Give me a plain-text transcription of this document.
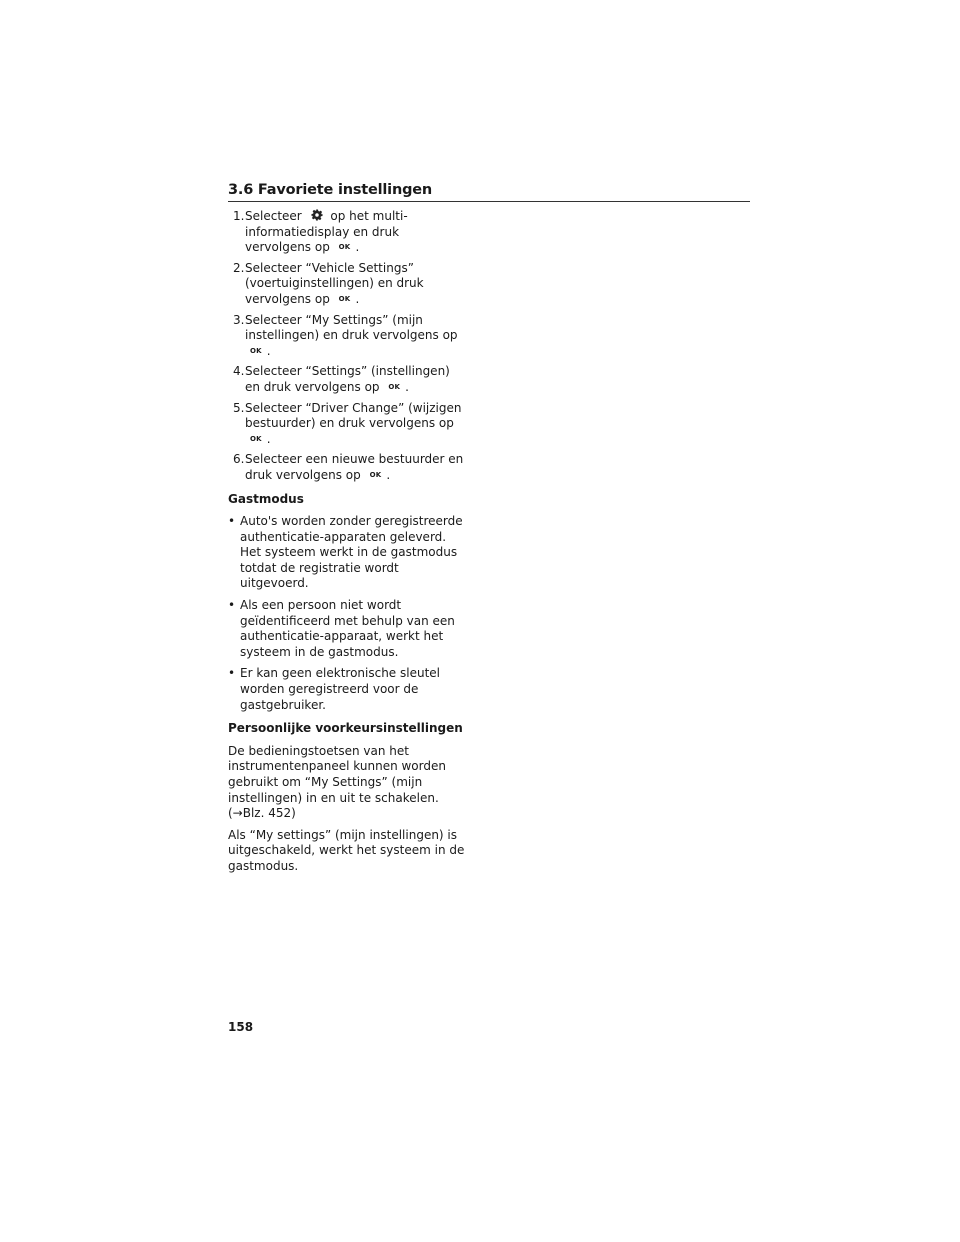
3.6 Favoriete instellingen
1. Selecteer op het multi-informatiedisplay en druk vervolgens op OK .
2. Selecteer “Vehicle Settings” (voertuiginstellingen) en druk vervolgens op OK .
3. Selecteer “My Settings” (mijn instellingen) en druk vervolgens op OK .
4. Selecteer “Settings” (instellingen) en druk vervolgens op OK .
5. Selecteer “Driver Change” (wijzigen bestuurder) en druk vervolgens op OK .
6. Selecteer een nieuwe bestuurder en druk vervolgens op OK .
Gastmodus
• Auto's worden zonder geregistreerde authenticatie-apparaten geleverd. Het systeem werkt in de gastmodus totdat de registratie wordt uitgevoerd.
• Als een persoon niet wordt geïdentificeerd met behulp van een authenticatie-apparaat, werkt het systeem in de gastmodus.
• Er kan geen elektronische sleutel worden geregistreerd voor de gastgebruiker.
Persoonlijke voorkeursinstellingen

De bedieningstoetsen van het instrumentenpaneel kunnen worden gebruikt om “My Settings” (mijn instellingen) in en uit te schakelen.
(→Blz. 452)

Als “My settings” (mijn instellingen) is uitgeschakeld, werkt het systeem in de gastmodus.

158
